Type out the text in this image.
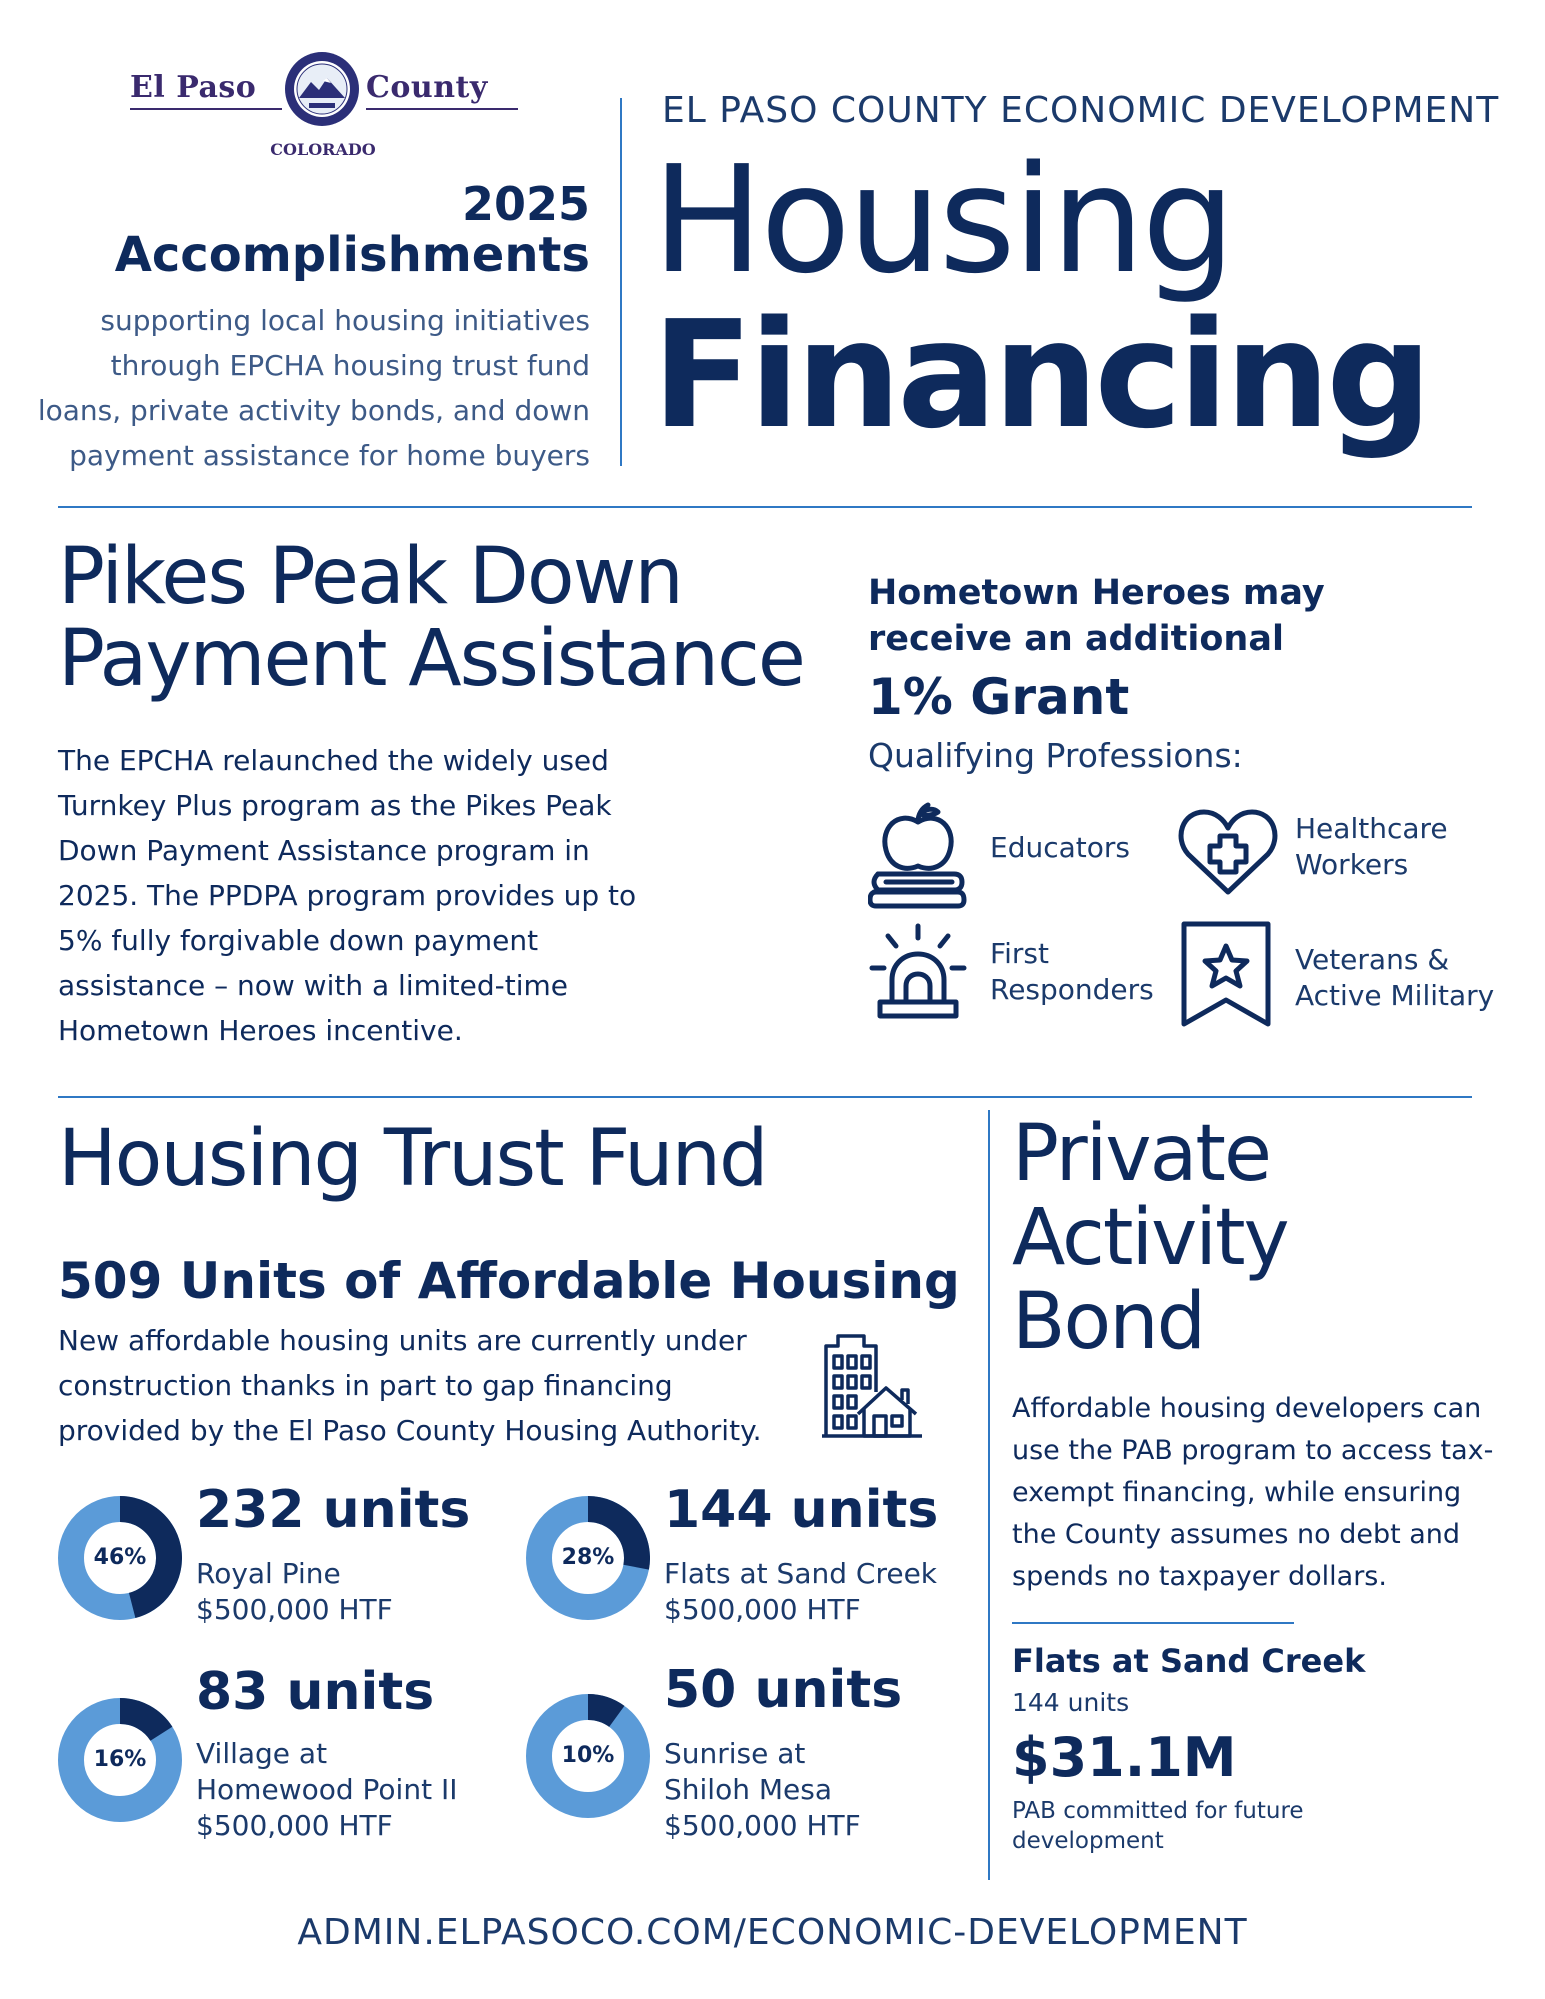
El Paso	County
COLORADO
2025
Accomplishments
supporting local housing initiatives through EPCHA housing trust fund loans, private activity bonds, and down payment assistance for home buyers
EL PASO COUNTY ECONOMIC DEVELOPMENT
Housing
Financing
Pikes Peak Down
Payment Assistance
The EPCHA relaunched the widely used Turnkey Plus program as the Pikes Peak Down Payment Assistance program in 2025. The PPDPA program provides up to 5% fully forgivable down payment assistance – now with a limited-time Hometown Heroes incentive.
Hometown Heroes may receive an additional
1% Grant
Qualifying Professions:
Educators
Healthcare Workers
First Responders
Veterans & Active Military
Housing Trust Fund
509 Units of Affordable Housing
New affordable housing units are currently under construction thanks in part to gap financing provided by the El Paso County Housing Authority.
46%
232 units
Royal Pine
$500,000 HTF
28%
144 units
Flats at Sand Creek
$500,000 HTF
16%
83 units
Village at Homewood Point II
$500,000 HTF
10%
50 units
Sunrise at Shiloh Mesa
$500,000 HTF
Private Activity Bond
Affordable housing developers can use the PAB program to access tax-exempt financing, while ensuring the County assumes no debt and spends no taxpayer dollars.
Flats at Sand Creek
144 units
$31.1M
PAB committed for future development
ADMIN.ELPASOCO.COM/ECONOMIC-DEVELOPMENT
